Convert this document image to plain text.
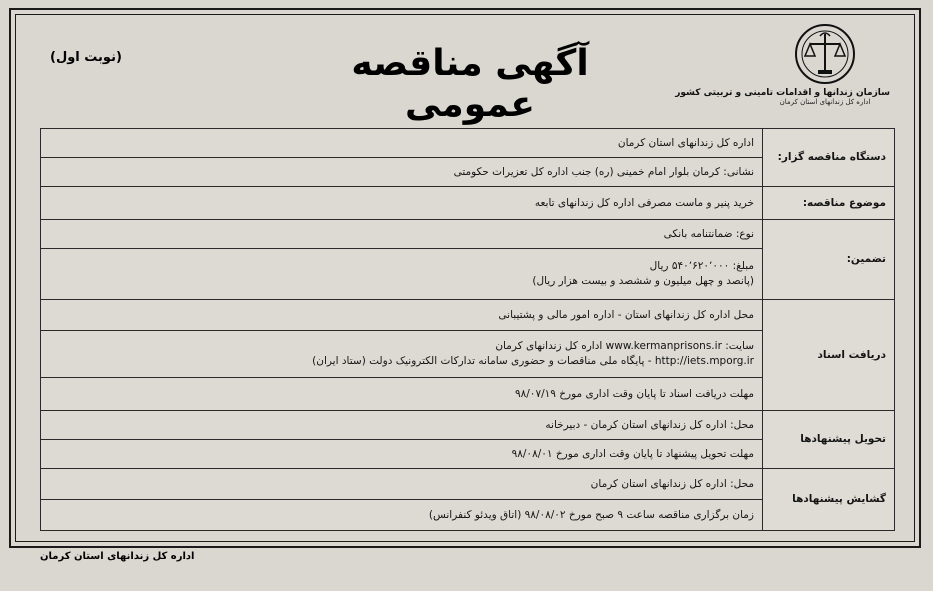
(نوبت اول)	آگهی مناقصه عمومی	سازمان زندانها و اقدامات تامینی و تربیتی کشور
اداره کل زندانهای استان کرمان
دستگاه مناقصه گزار:	اداره کل زندانهای استان کرمان
	نشانی: کرمان بلوار امام خمینی (ره) جنب اداره کل تعزیرات حکومتی
موضوع مناقصه:	خرید پنیر و ماست مصرفی اداره کل زندانهای تابعه
تضمین:	نوع: ضمانتنامه بانکی

	مبلغ: ۵۴۰٬۶۲۰٬۰۰۰ ریال
(پانصد و چهل میلیون و ششصد و بیست هزار ریال)

دریافت اسناد	محل اداره کل زندانهای استان - اداره امور مالی و پشتیبانی

	سایت: www.kermanprisons.ir اداره کل زندانهای کرمان
http://iets.mporg.ir - پایگاه ملی مناقصات و حضوری سامانه تدارکات الکترونیک دولت (ستاد ایران)

	مهلت دریافت اسناد تا پایان وقت اداری مورخ ۹۸/۰۷/۱۹
تحویل پیشنهادها	محل: اداره کل زندانهای استان کرمان - دبیرخانه
	مهلت تحویل پیشنهاد تا پایان وقت اداری مورخ ۹۸/۰۸/۰۱
گشایش پیشنهادها	محل: اداره کل زندانهای استان کرمان
	زمان برگزاری مناقصه ساعت ۹ صبح مورخ ۹۸/۰۸/۰۲ (اتاق ویدئو کنفرانس)
اداره کل زندانهای استان کرمان
